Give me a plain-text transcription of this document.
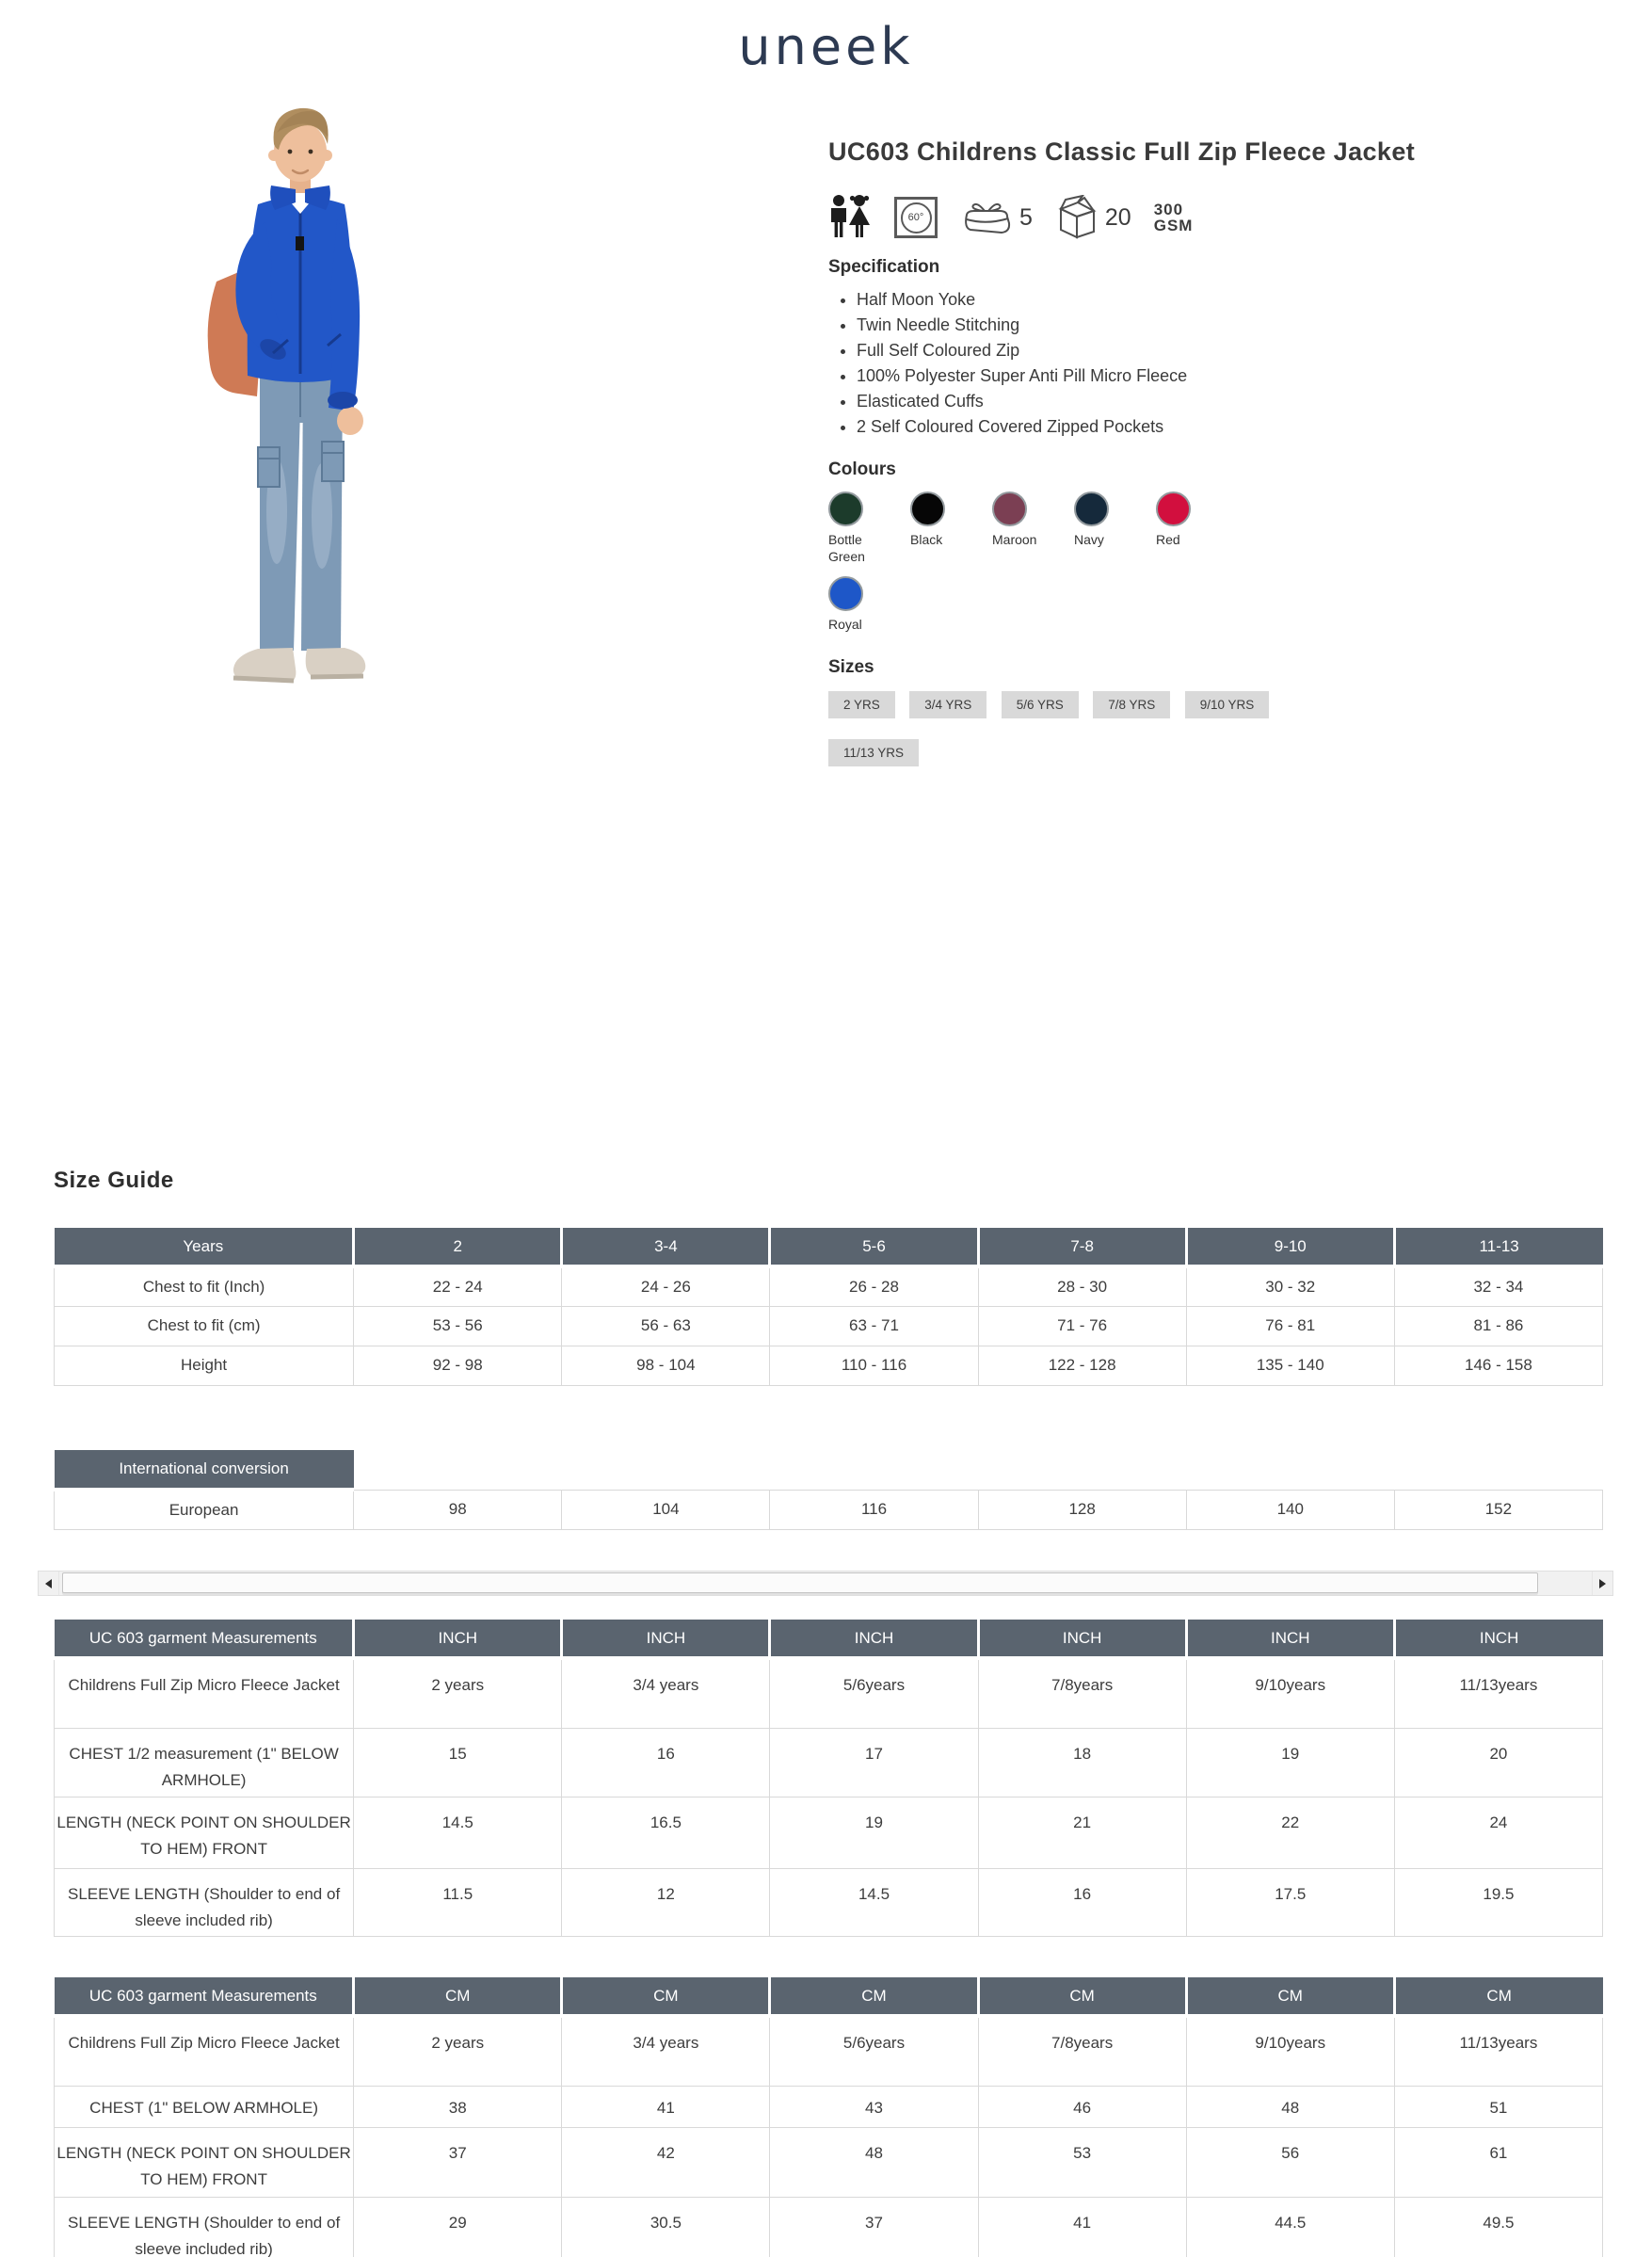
uneek
UC603 Childrens Classic Full Zip Fleece Jacket
60°	5	20 300
GSM
Specification
• Half Moon Yoke
• Twin Needle Stitching
• Full Self Coloured Zip
• 100% Polyester Super Anti Pill Micro Fleece
• Elasticated Cuffs
• 2 Self Coloured Covered Zipped Pockets
Colours
Bottle Green
Black	Maroon	Navy	Red
Royal
Sizes
2 YRS	3/4 YRS	5/6 YRS	7/8 YRS	9/10 YRS 11/13 YRS
Size Guide
Years	2	3-4	5-6	7-8	9-10	11-13
Chest to fit (Inch)	22 - 24	24 - 26	26 - 28	28 - 30	30 - 32	32 - 34
Chest to fit (cm)	53 - 56	56 - 63	63 - 71	71 - 76	76 - 81	81 - 86
Height	92 - 98	98 - 104	110 - 116	122 - 128	135 - 140	146 - 158
International conversion						
European	98	104	116	128	140	152
UC 603 garment Measurements	INCH	INCH	INCH	INCH	INCH	INCH
Childrens Full Zip Micro Fleece Jacket	2 years	3/4 years	5/6years	7/8years	9/10years	11/13years
CHEST 1/2 measurement (1" BELOW ARMHOLE)	15	16	17	18	19	20
LENGTH (NECK POINT ON SHOULDER TO HEM) FRONT	14.5	16.5	19	21	22	24
SLEEVE LENGTH (Shoulder to end of sleeve included rib)	11.5	12	14.5	16	17.5	19.5
UC 603 garment Measurements	CM	CM	CM	CM	CM	CM
Childrens Full Zip Micro Fleece Jacket	2 years	3/4 years	5/6years	7/8years	9/10years	11/13years
CHEST (1" BELOW ARMHOLE)	38	41	43	46	48	51
LENGTH (NECK POINT ON SHOULDER TO HEM) FRONT	37	42	48	53	56	61
SLEEVE LENGTH (Shoulder to end of sleeve included rib)	29	30.5	37	41	44.5	49.5
